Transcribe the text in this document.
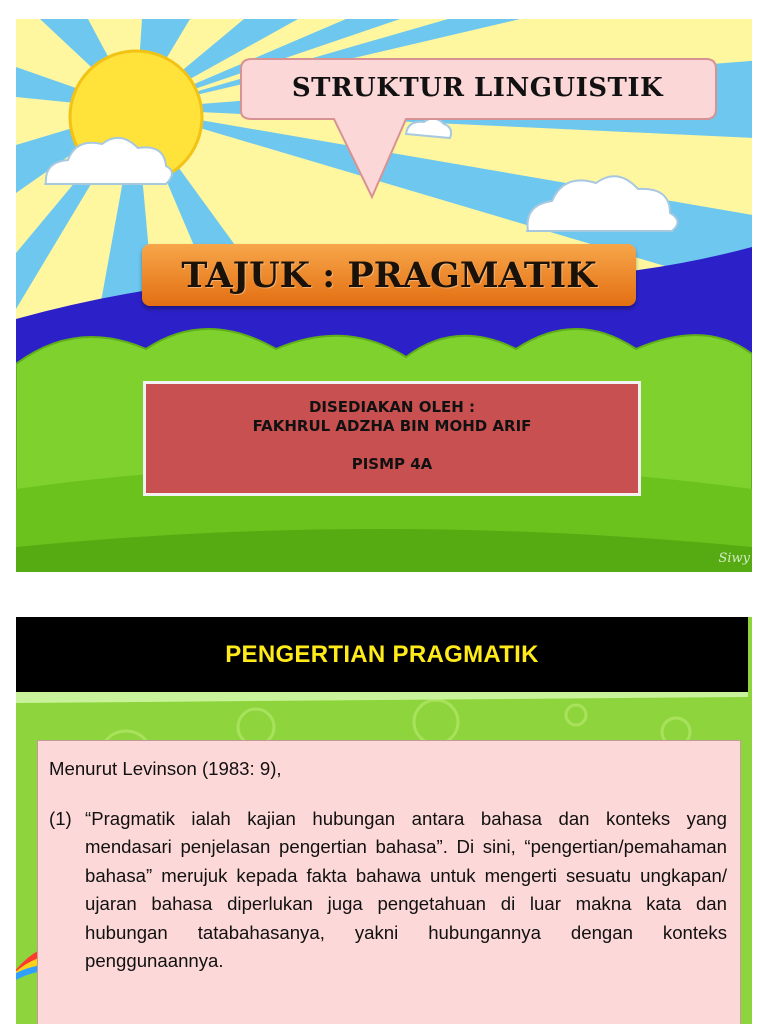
STRUKTUR LINGUISTIK
TAJUK : PRAGMATIK
DISEDIAKAN OLEH :
FAKHRUL ADZHA BIN MOHD ARIF
PISMP 4A
Siwy
PENGERTIAN PRAGMATIK

Menurut Levinson (1983: 9),

(1) “Pragmatik ialah kajian hubungan antara bahasa dan konteks yang mendasari penjelasan pengertian bahasa”. Di sini, “pengertian/pemahaman bahasa” merujuk kepada fakta bahawa untuk mengerti sesuatu ungkapan/ ujaran bahasa diperlukan juga pengetahuan di luar makna kata dan hubungan tatabahasanya, yakni hubungannya dengan konteks penggunaannya.
